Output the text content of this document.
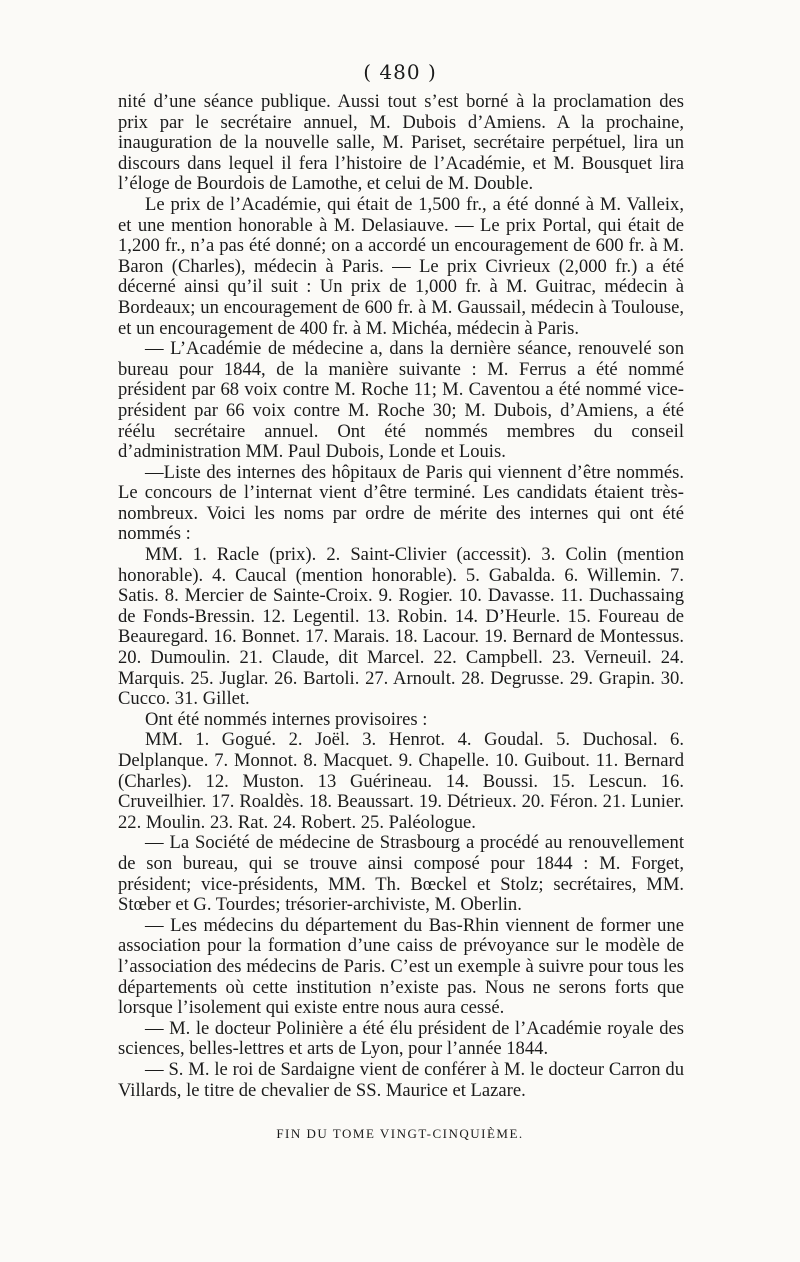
( 480 )

nité d’une séance publique. Aussi tout s’est borné à la proclamation des prix par le secrétaire annuel, M. Dubois d’Amiens. A la prochaine, inauguration de la nouvelle salle, M. Pariset, secrétaire perpétuel, lira un discours dans lequel il fera l’histoire de l’Académie, et M. Bousquet lira l’éloge de Bourdois de Lamothe, et celui de M. Double.

Le prix de l’Académie, qui était de 1,500 fr., a été donné à M. Valleix, et une mention honorable à M. Delasiauve. — Le prix Portal, qui était de 1,200 fr., n’a pas été donné; on a accordé un encouragement de 600 fr. à M. Baron (Charles), médecin à Paris. — Le prix Civrieux (2,000 fr.) a été décerné ainsi qu’il suit : Un prix de 1,000 fr. à M. Guitrac, médecin à Bordeaux; un encouragement de 600 fr. à M. Gaussail, médecin à Toulouse, et un encouragement de 400 fr. à M. Michéa, médecin à Paris.

— L’Académie de médecine a, dans la dernière séance, renouvelé son bureau pour 1844, de la manière suivante : M. Ferrus a été nommé président par 68 voix contre M. Roche 11; M. Caventou a été nommé vice-président par 66 voix contre M. Roche 30; M. Dubois, d’Amiens, a été réélu secrétaire annuel. Ont été nommés membres du conseil d’administration MM. Paul Dubois, Londe et Louis.

—Liste des internes des hôpitaux de Paris qui viennent d’être nommés. Le concours de l’internat vient d’être terminé. Les candidats étaient très-nombreux. Voici les noms par ordre de mérite des internes qui ont été nommés :

MM. 1. Racle (prix). 2. Saint-Clivier (accessit). 3. Colin (mention honorable). 4. Caucal (mention honorable). 5. Gabalda. 6. Willemin. 7. Satis. 8. Mercier de Sainte-Croix. 9. Rogier. 10. Davasse. 11. Duchassaing de Fonds-Bressin. 12. Legentil. 13. Robin. 14. D’Heurle. 15. Foureau de Beauregard. 16. Bonnet. 17. Marais. 18. Lacour. 19. Bernard de Montessus. 20. Dumoulin. 21. Claude, dit Marcel. 22. Campbell. 23. Verneuil. 24. Marquis. 25. Juglar. 26. Bartoli. 27. Arnoult. 28. Degrusse. 29. Grapin. 30. Cucco. 31. Gillet.

Ont été nommés internes provisoires :

MM. 1. Gogué. 2. Joël. 3. Henrot. 4. Goudal. 5. Duchosal. 6. Delplanque. 7. Monnot. 8. Macquet. 9. Chapelle. 10. Guibout. 11. Bernard (Charles). 12. Muston. 13 Guérineau. 14. Boussi. 15. Lescun. 16. Cruveilhier. 17. Roaldès. 18. Beaussart. 19. Détrieux. 20. Féron. 21. Lunier. 22. Moulin. 23. Rat. 24. Robert. 25. Paléologue.

— La Société de médecine de Strasbourg a procédé au renouvellement de son bureau, qui se trouve ainsi composé pour 1844 : M. Forget, président; vice-présidents, MM. Th. Bœckel et Stolz; secrétaires, MM. Stœber et G. Tourdes; trésorier-archiviste, M. Oberlin.

— Les médecins du département du Bas-Rhin viennent de former une association pour la formation d’une caiss de prévoyance sur le modèle de l’association des médecins de Paris. C’est un exemple à suivre pour tous les départements où cette institution n’existe pas. Nous ne serons forts que lorsque l’isolement qui existe entre nous aura cessé.

— M. le docteur Polinière a été élu président de l’Académie royale des sciences, belles-lettres et arts de Lyon, pour l’année 1844.

— S. M. le roi de Sardaigne vient de conférer à M. le docteur Carron du Villards, le titre de chevalier de SS. Maurice et Lazare.

FIN DU TOME VINGT-CINQUIÈME.
